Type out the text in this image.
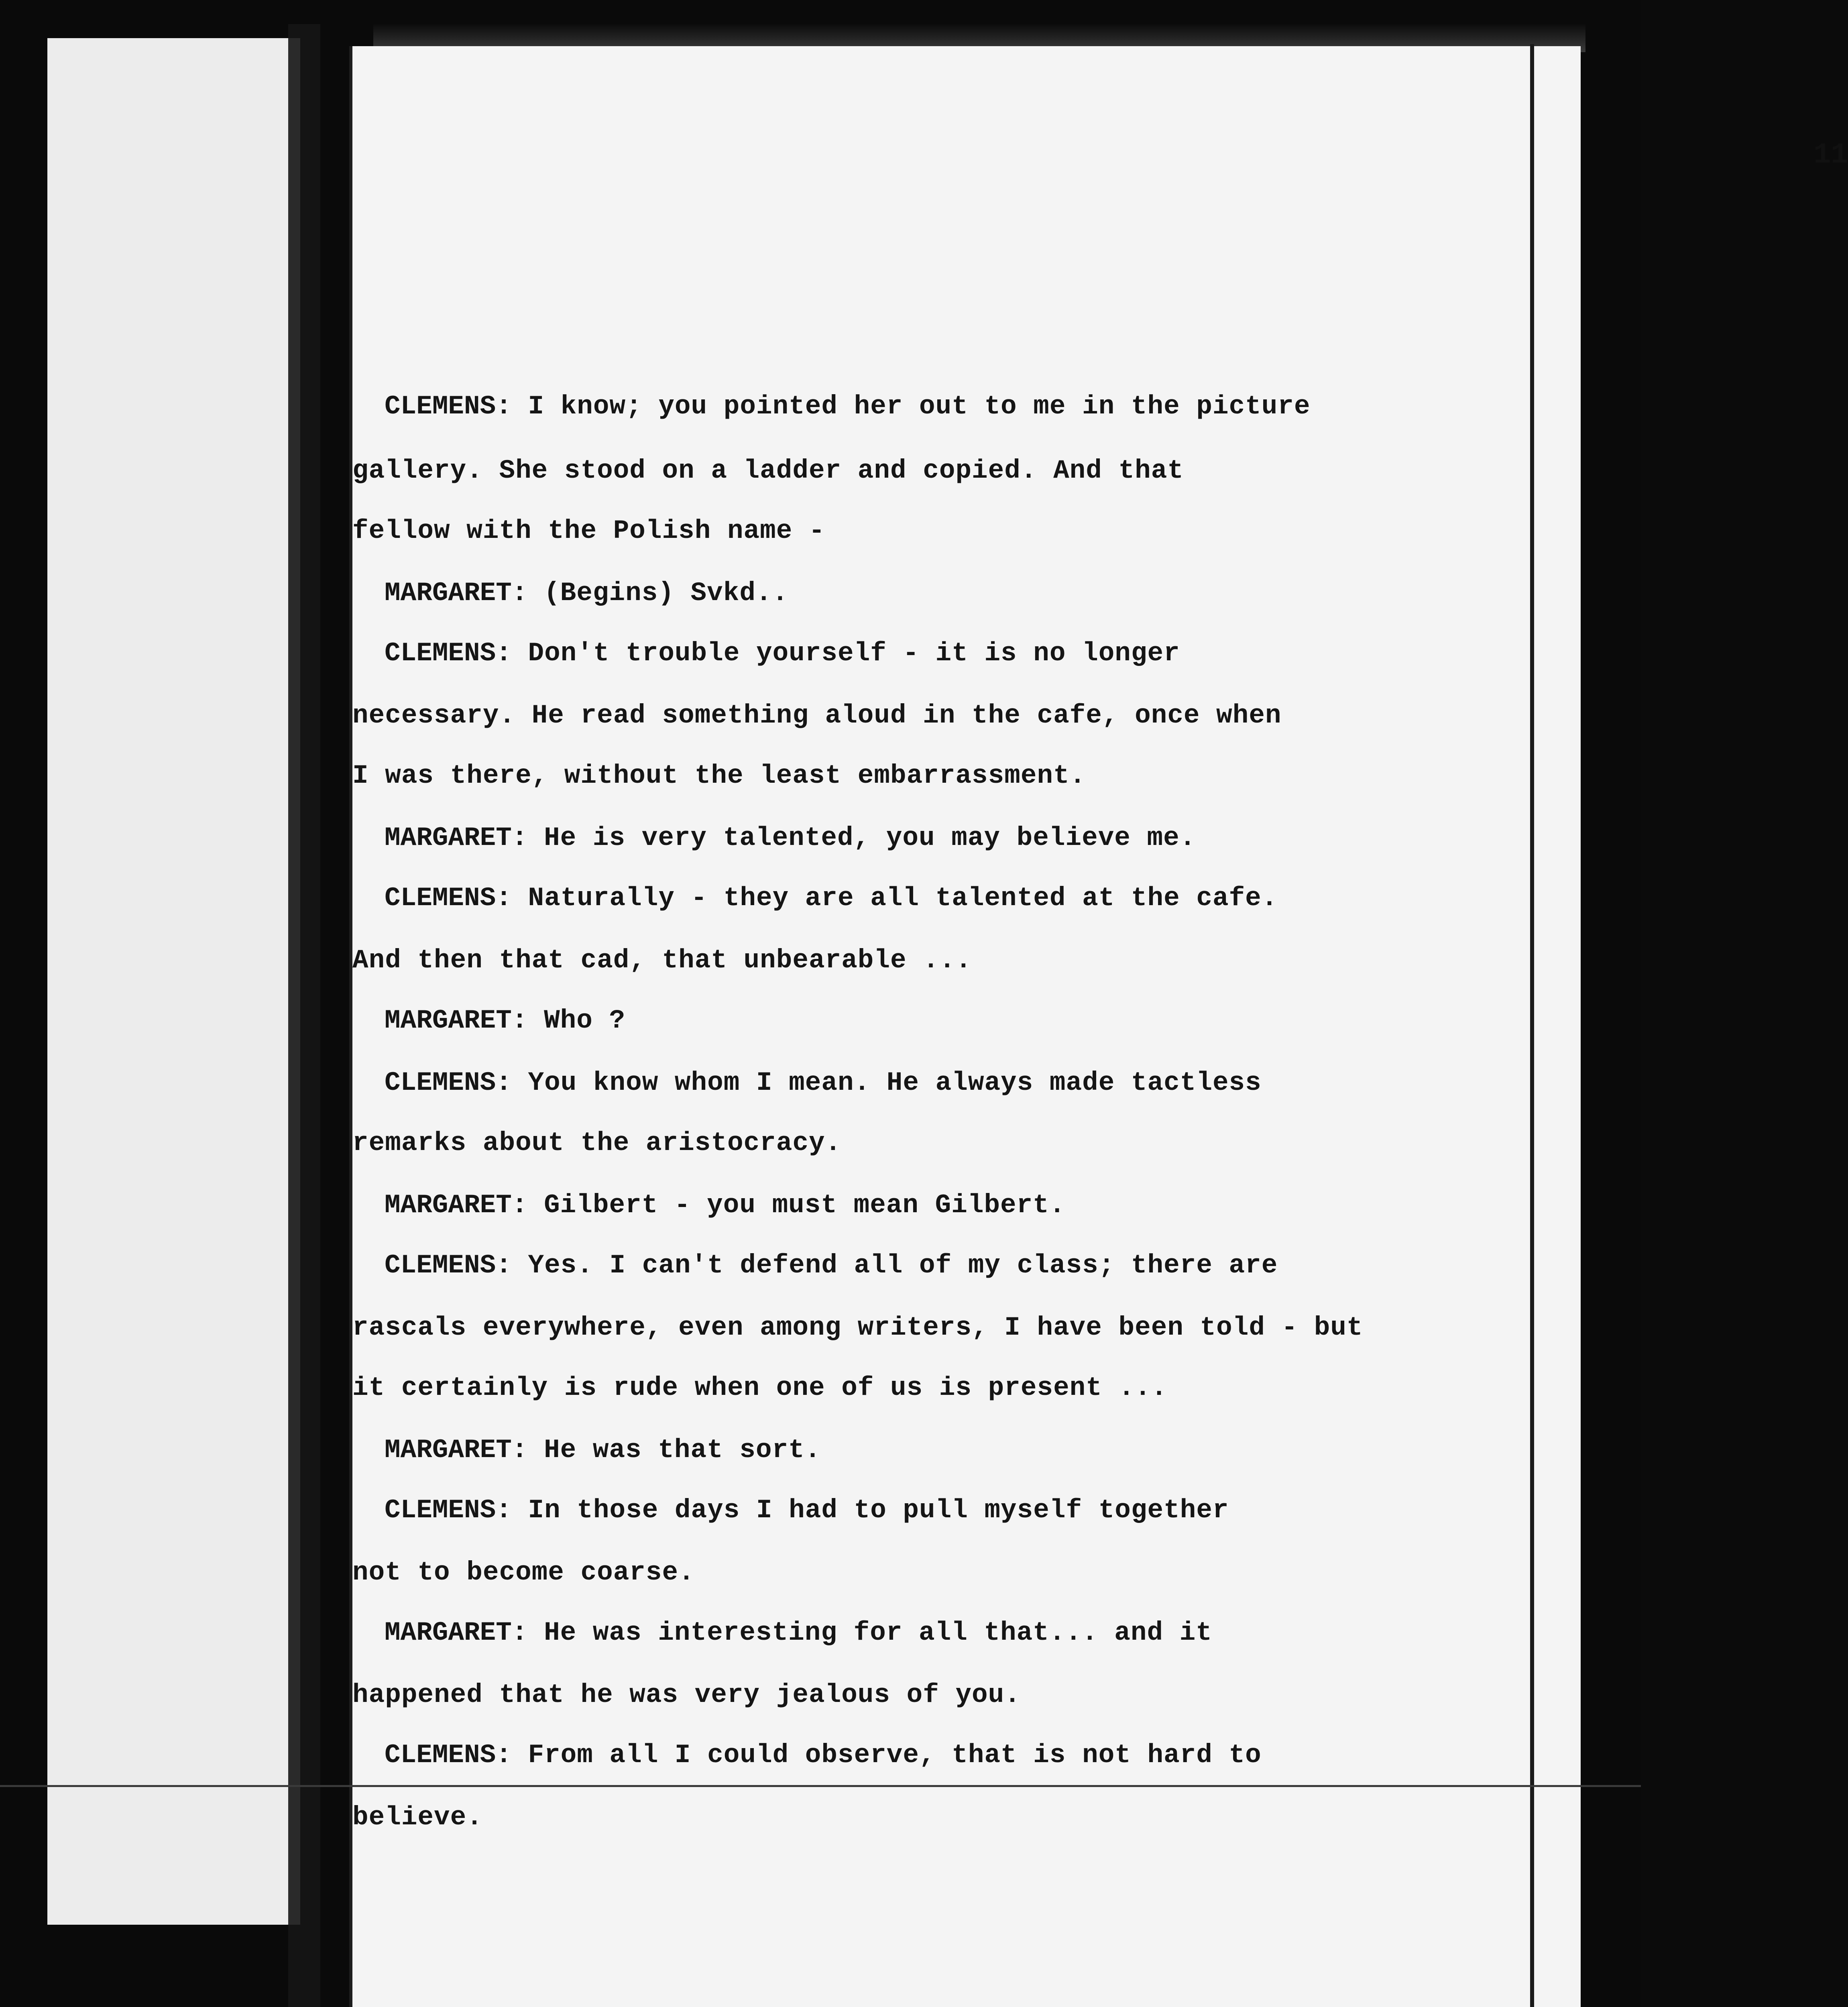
11
CLEMENS: I know; you pointed her out to me in the picture
gallery. She stood on a ladder and copied. And that
fellow with the Polish name -
MARGARET: (Begins) Svkd..
CLEMENS: Don't trouble yourself - it is no longer
necessary. He read something aloud in the cafe, once when
I was there, without the least embarrassment.
MARGARET: He is very talented, you may believe me.
CLEMENS: Naturally - they are all talented at the cafe.
And then that cad, that unbearable ...
MARGARET: Who ?
CLEMENS: You know whom I mean. He always made tactless
remarks about the aristocracy.
MARGARET: Gilbert - you must mean Gilbert.
CLEMENS: Yes. I can't defend all of my class; there are
rascals everywhere, even among writers, I have been told - but
it certainly is rude when one of us is present ...
MARGARET: He was that sort.
CLEMENS: In those days I had to pull myself together
not to become coarse.
MARGARET: He was interesting for all that... and it
happened that he was very jealous of you.
CLEMENS: From all I could observe, that is not hard to
believe.
